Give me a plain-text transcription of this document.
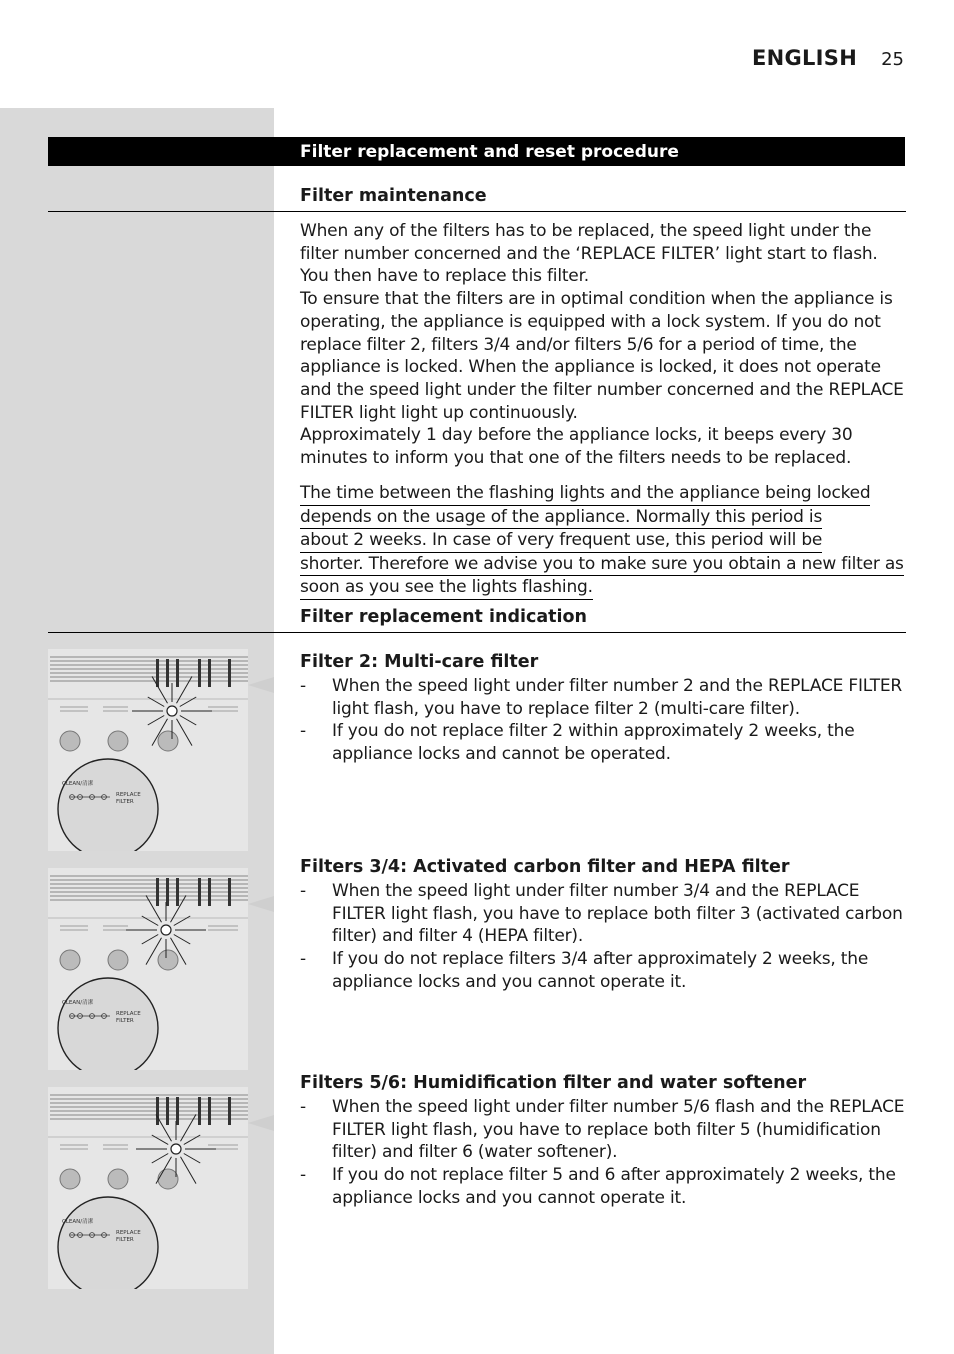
ENGLISH 25
Filter replacement and reset procedure
Filter maintenance

When any of the filters has to be replaced, the speed light under the filter number concerned and the ‘REPLACE FILTER’ light start to flash. You then have to replace this filter.

To ensure that the filters are in optimal condition when the appliance is operating, the appliance is equipped with a lock system. If you do not replace filter 2, filters 3/4 and/or filters 5/6 for a period of time, the appliance is locked. When the appliance is locked, it does not operate and the speed light under the filter number concerned and the REPLACE FILTER light light up continuously.

Approximately 1 day before the appliance locks, it beeps every 30 minutes to inform you that one of the filters needs to be replaced.

The time between the flashing lights and the appliance being locked
depends on the usage of the appliance. Normally this period is
about 2 weeks. In case of very frequent use, this period will be
shorter. Therefore we advise you to make sure you obtain a new filter as
soon as you see the lights flashing.
Filter replacement indication
Filter 2: Multi-care filter
- When the speed light under filter number 2 and the REPLACE FILTER light flash, you have to replace filter 2 (multi-care filter).
- If you do not replace filter 2 within approximately 2 weeks, the appliance locks and cannot be operated.
Filters 3/4: Activated carbon filter and HEPA filter
- When the speed light under filter number 3/4 and the REPLACE FILTER light flash, you have to replace both filter 3 (activated carbon filter) and filter 4 (HEPA filter).
- If you do not replace filters 3/4 after approximately 2 weeks, the appliance locks and you cannot operate it.
Filters 5/6: Humidification filter and water softener
- When the speed light under filter number 5/6 flash and the REPLACE FILTER light flash, you have to replace both filter 5 (humidification filter) and filter 6 (water softener).
- If you do not replace filter 5 and 6 after approximately 2 weeks, the appliance locks and you cannot operate it.
CLEAN/清潔
REPLACE
FILTER
CLEAN/清潔
REPLACE
FILTER
CLEAN/清潔
REPLACE
FILTER
